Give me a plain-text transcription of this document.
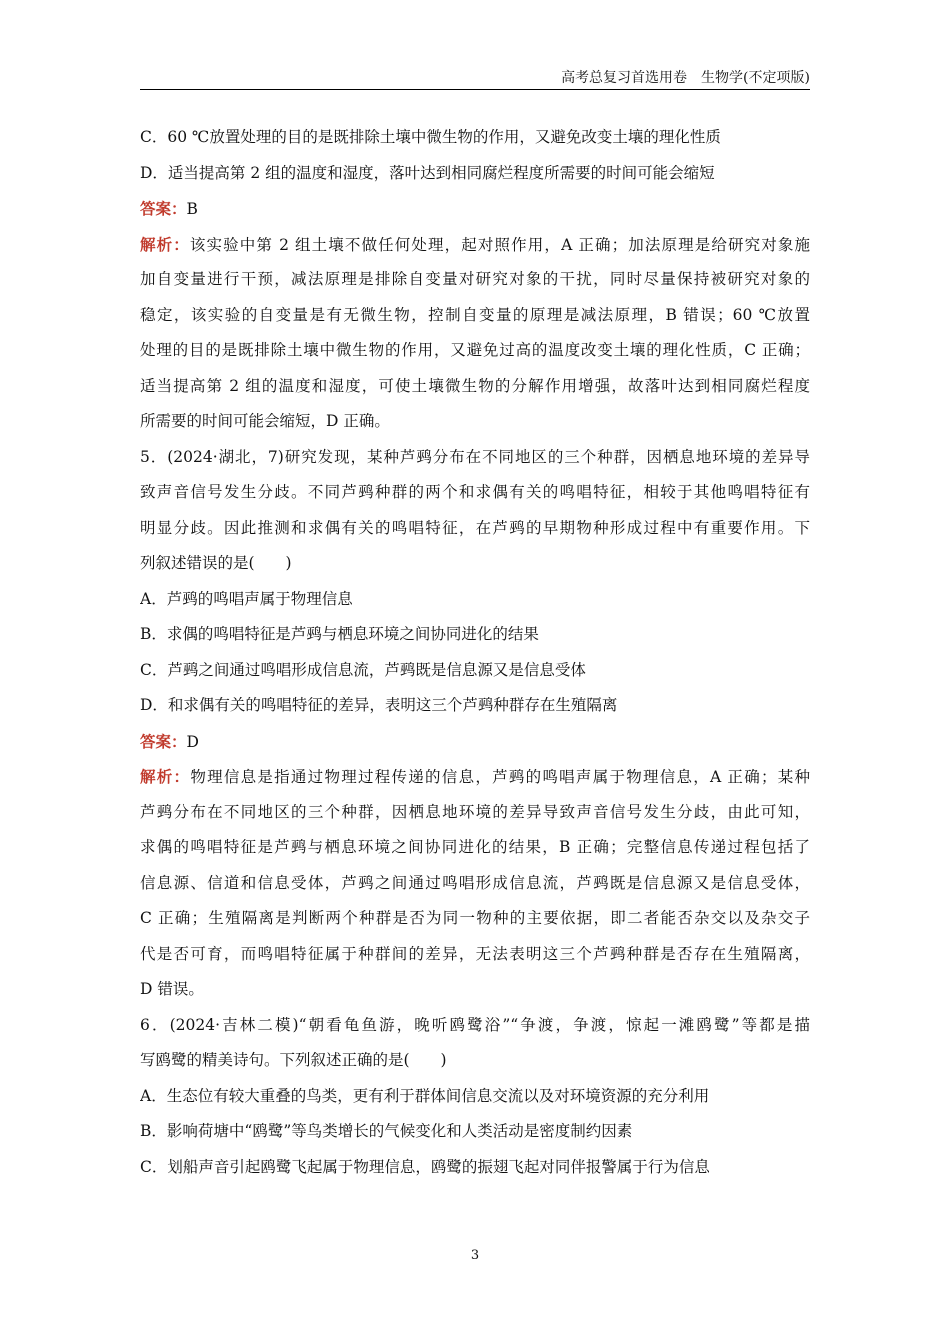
高考总复习首选用卷　生物学(不定项版)
C．60 ℃放置处理的目的是既排除土壤中微生物的作用，又避免改变土壤的理化性质
D．适当提高第 2 组的温度和湿度，落叶达到相同腐烂程度所需要的时间可能会缩短
答案：B
解析：该实验中第 2 组土壤不做任何处理，起对照作用，A 正确；加法原理是给研究对象施
加自变量进行干预，减法原理是排除自变量对研究对象的干扰，同时尽量保持被研究对象的
稳定，该实验的自变量是有无微生物，控制自变量的原理是减法原理，B 错误；60 ℃放置
处理的目的是既排除土壤中微生物的作用，又避免过高的温度改变土壤的理化性质，C 正确；
适当提高第 2 组的温度和湿度，可使土壤微生物的分解作用增强，故落叶达到相同腐烂程度
所需要的时间可能会缩短，D 正确。
5．(2024·湖北，7)研究发现，某种芦鹀分布在不同地区的三个种群，因栖息地环境的差异导
致声音信号发生分歧。不同芦鹀种群的两个和求偶有关的鸣唱特征，相较于其他鸣唱特征有
明显分歧。因此推测和求偶有关的鸣唱特征，在芦鹀的早期物种形成过程中有重要作用。下
列叙述错误的是(　　)
A．芦鹀的鸣唱声属于物理信息
B．求偶的鸣唱特征是芦鹀与栖息环境之间协同进化的结果
C．芦鹀之间通过鸣唱形成信息流，芦鹀既是信息源又是信息受体
D．和求偶有关的鸣唱特征的差异，表明这三个芦鹀种群存在生殖隔离
答案：D
解析：物理信息是指通过物理过程传递的信息，芦鹀的鸣唱声属于物理信息，A 正确；某种
芦鹀分布在不同地区的三个种群，因栖息地环境的差异导致声音信号发生分歧，由此可知，
求偶的鸣唱特征是芦鹀与栖息环境之间协同进化的结果，B 正确；完整信息传递过程包括了
信息源、信道和信息受体，芦鹀之间通过鸣唱形成信息流，芦鹀既是信息源又是信息受体，
C 正确；生殖隔离是判断两个种群是否为同一物种的主要依据，即二者能否杂交以及杂交子
代是否可育，而鸣唱特征属于种群间的差异，无法表明这三个芦鹀种群是否存在生殖隔离，
D 错误。
6．(2024·吉林二模)“朝看龟鱼游，晚听鸥鹭浴”“争渡，争渡，惊起一滩鸥鹭”等都是描
写鸥鹭的精美诗句。下列叙述正确的是(　　)
A．生态位有较大重叠的鸟类，更有利于群体间信息交流以及对环境资源的充分利用
B．影响荷塘中“鸥鹭”等鸟类增长的气候变化和人类活动是密度制约因素
C．划船声音引起鸥鹭飞起属于物理信息，鸥鹭的振翅飞起对同伴报警属于行为信息
3
